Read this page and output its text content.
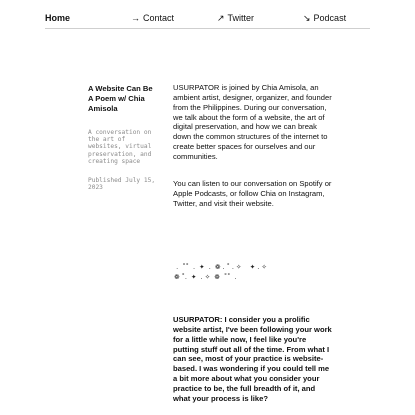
Home	→ Contact	↗ Twitter	↘ Podcast
A Website Can Be A Poem w/ Chia Amisola

A conversation on the art of websites, virtual preservation, and creating space

Published July 15, 2023

USURPATOR is joined by Chia Amisola, an ambient artist, designer, organizer, and founder from the Philippines. During our conversation, we talk about the form of a website, the art of digital preservation, and how we can break down the common structures of the internet to create better spaces for ourselves and our communities.

You can listen to our conversation on Spotify or Apple Podcasts, or follow Chia on Instagram, Twitter, and visit their website.

.  ˚˚  .  ✦  .  ❁ . ˚ . ✧    ✦ . ✧
❁ ˚.  ✦  . ✧  ❁  ˚˚  .

USURPATOR: I consider you a prolific website artist, I've been following your work for a little while now, I feel like you're putting stuff out all of the time. From what I can see, most of your practice is website-based. I was wondering if you could tell me a bit more about what you consider your practice to be, the full breadth of it, and what your process is like?
